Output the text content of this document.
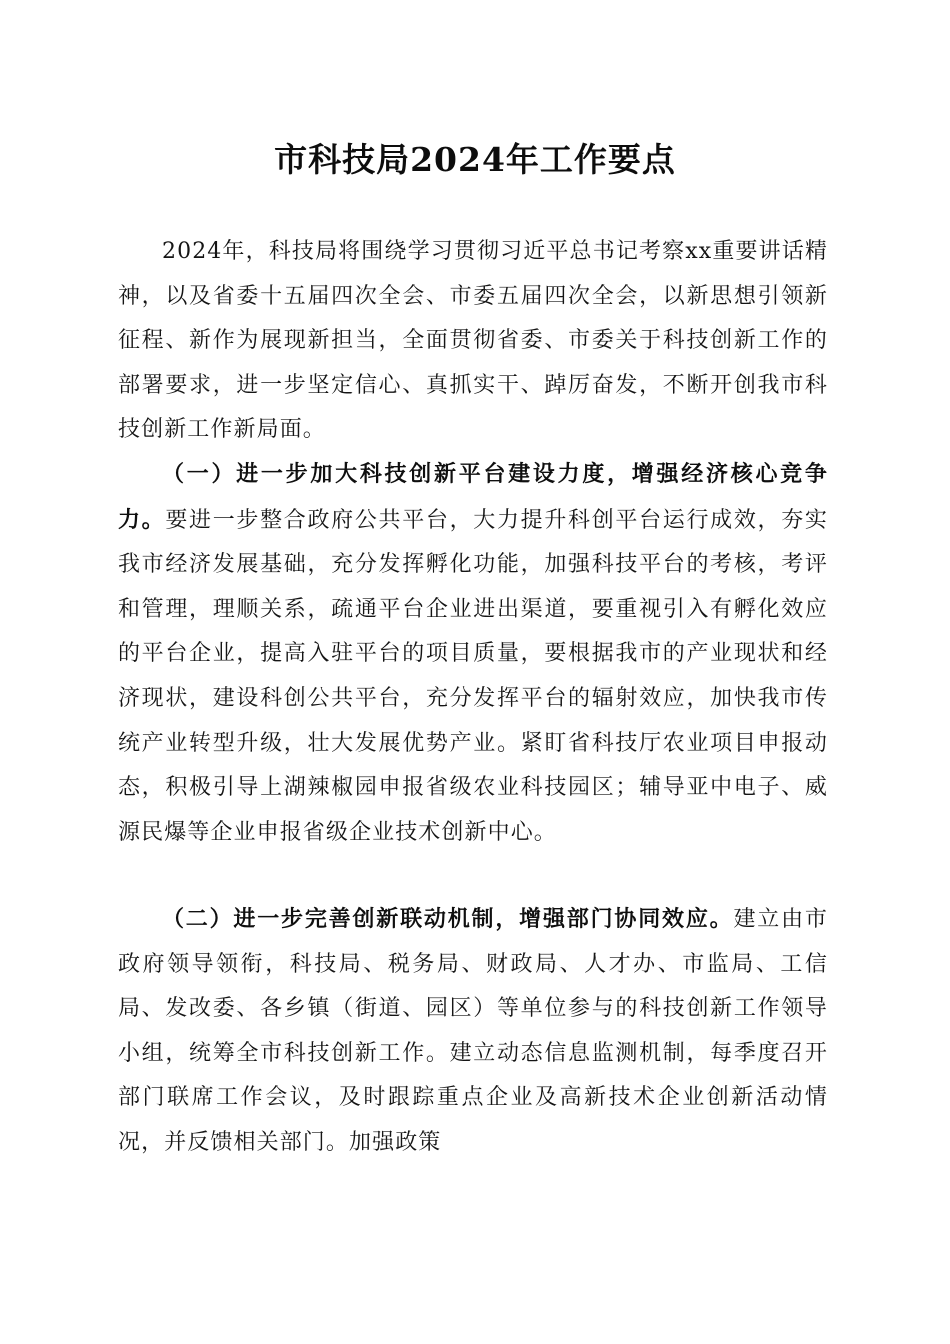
市科技局2024年工作要点

2024年，科技局将围绕学习贯彻习近平总书记考察xx重要讲话精神，以及省委十五届四次全会、市委五届四次全会，以新思想引领新征程、新作为展现新担当，全面贯彻省委、市委关于科技创新工作的部署要求，进一步坚定信心、真抓实干、踔厉奋发，不断开创我市科技创新工作新局面。

（一）进一步加大科技创新平台建设力度，增强经济核心竞争力。要进一步整合政府公共平台，大力提升科创平台运行成效，夯实我市经济发展基础，充分发挥孵化功能，加强科技平台的考核，考评和管理，理顺关系，疏通平台企业进出渠道，要重视引入有孵化效应的平台企业，提高入驻平台的项目质量，要根据我市的产业现状和经济现状，建设科创公共平台，充分发挥平台的辐射效应，加快我市传统产业转型升级，壮大发展优势产业。紧盯省科技厅农业项目申报动态，积极引导上湖辣椒园申报省级农业科技园区；辅导亚中电子、威源民爆等企业申报省级企业技术创新中心。

（二）进一步完善创新联动机制，增强部门协同效应。建立由市政府领导领衔，科技局、税务局、财政局、人才办、市监局、工信局、发改委、各乡镇（街道、园区）等单位参与的科技创新工作领导小组，统筹全市科技创新工作。建立动态信息监测机制，每季度召开部门联席工作会议，及时跟踪重点企业及高新技术企业创新活动情况，并反馈相关部门。加强政策
